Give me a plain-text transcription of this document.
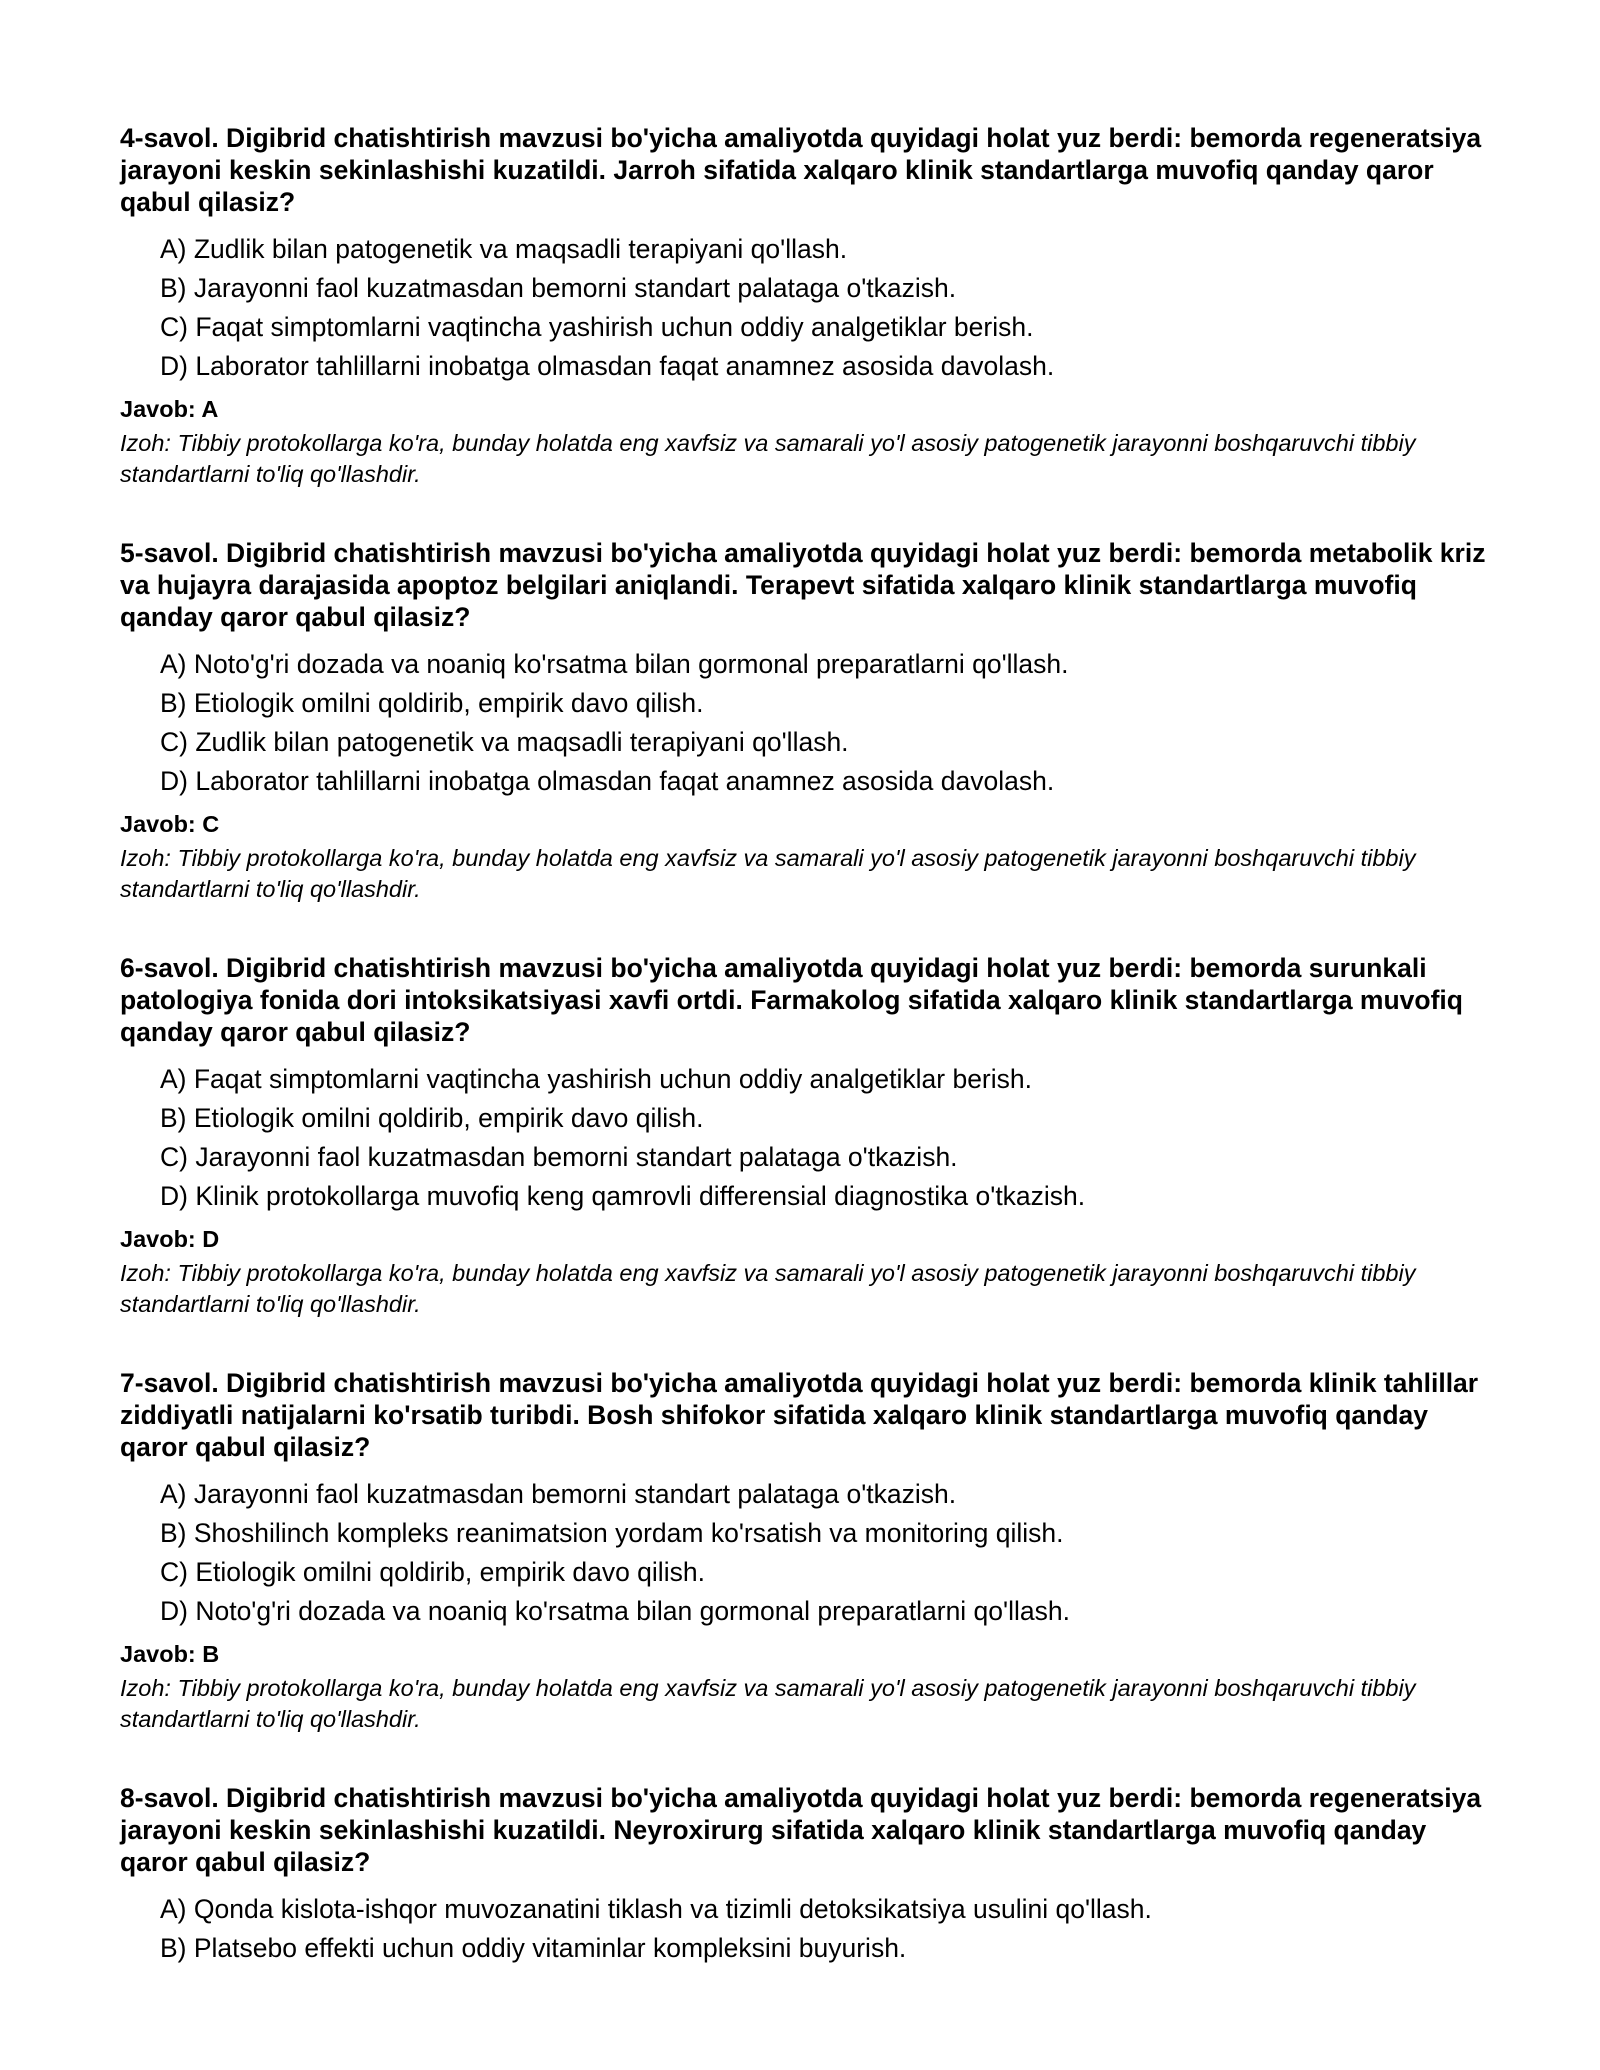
4-savol. Digibrid chatishtirish mavzusi bo'yicha amaliyotda quyidagi holat yuz berdi: bemorda regeneratsiya jarayoni keskin sekinlashishi kuzatildi. Jarroh sifatida xalqaro klinik standartlarga muvofiq qanday qaror qabul qilasiz?

A) Zudlik bilan patogenetik va maqsadli terapiyani qo'llash.
B) Jarayonni faol kuzatmasdan bemorni standart palataga o'tkazish.
C) Faqat simptomlarni vaqtincha yashirish uchun oddiy analgetiklar berish.
D) Laborator tahlillarni inobatga olmasdan faqat anamnez asosida davolash.

Javob: A

Izoh: Tibbiy protokollarga ko'ra, bunday holatda eng xavfsiz va samarali yo'l asosiy patogenetik jarayonni boshqaruvchi tibbiy standartlarni to'liq qo'llashdir.

5-savol. Digibrid chatishtirish mavzusi bo'yicha amaliyotda quyidagi holat yuz berdi: bemorda metabolik kriz va hujayra darajasida apoptoz belgilari aniqlandi. Terapevt sifatida xalqaro klinik standartlarga muvofiq qanday qaror qabul qilasiz?

A) Noto'g'ri dozada va noaniq ko'rsatma bilan gormonal preparatlarni qo'llash.
B) Etiologik omilni qoldirib, empirik davo qilish.
C) Zudlik bilan patogenetik va maqsadli terapiyani qo'llash.
D) Laborator tahlillarni inobatga olmasdan faqat anamnez asosida davolash.

Javob: C

Izoh: Tibbiy protokollarga ko'ra, bunday holatda eng xavfsiz va samarali yo'l asosiy patogenetik jarayonni boshqaruvchi tibbiy standartlarni to'liq qo'llashdir.

6-savol. Digibrid chatishtirish mavzusi bo'yicha amaliyotda quyidagi holat yuz berdi: bemorda surunkali patologiya fonida dori intoksikatsiyasi xavfi ortdi. Farmakolog sifatida xalqaro klinik standartlarga muvofiq qanday qaror qabul qilasiz?

A) Faqat simptomlarni vaqtincha yashirish uchun oddiy analgetiklar berish.
B) Etiologik omilni qoldirib, empirik davo qilish.
C) Jarayonni faol kuzatmasdan bemorni standart palataga o'tkazish.
D) Klinik protokollarga muvofiq keng qamrovli differensial diagnostika o'tkazish.

Javob: D

Izoh: Tibbiy protokollarga ko'ra, bunday holatda eng xavfsiz va samarali yo'l asosiy patogenetik jarayonni boshqaruvchi tibbiy standartlarni to'liq qo'llashdir.

7-savol. Digibrid chatishtirish mavzusi bo'yicha amaliyotda quyidagi holat yuz berdi: bemorda klinik tahlillar ziddiyatli natijalarni ko'rsatib turibdi. Bosh shifokor sifatida xalqaro klinik standartlarga muvofiq qanday qaror qabul qilasiz?

A) Jarayonni faol kuzatmasdan bemorni standart palataga o'tkazish.
B) Shoshilinch kompleks reanimatsion yordam ko'rsatish va monitoring qilish.
C) Etiologik omilni qoldirib, empirik davo qilish.
D) Noto'g'ri dozada va noaniq ko'rsatma bilan gormonal preparatlarni qo'llash.

Javob: B

Izoh: Tibbiy protokollarga ko'ra, bunday holatda eng xavfsiz va samarali yo'l asosiy patogenetik jarayonni boshqaruvchi tibbiy standartlarni to'liq qo'llashdir.

8-savol. Digibrid chatishtirish mavzusi bo'yicha amaliyotda quyidagi holat yuz berdi: bemorda regeneratsiya jarayoni keskin sekinlashishi kuzatildi. Neyroxirurg sifatida xalqaro klinik standartlarga muvofiq qanday qaror qabul qilasiz?

A) Qonda kislota-ishqor muvozanatini tiklash va tizimli detoksikatsiya usulini qo'llash.
B) Platsebo effekti uchun oddiy vitaminlar kompleksini buyurish.
